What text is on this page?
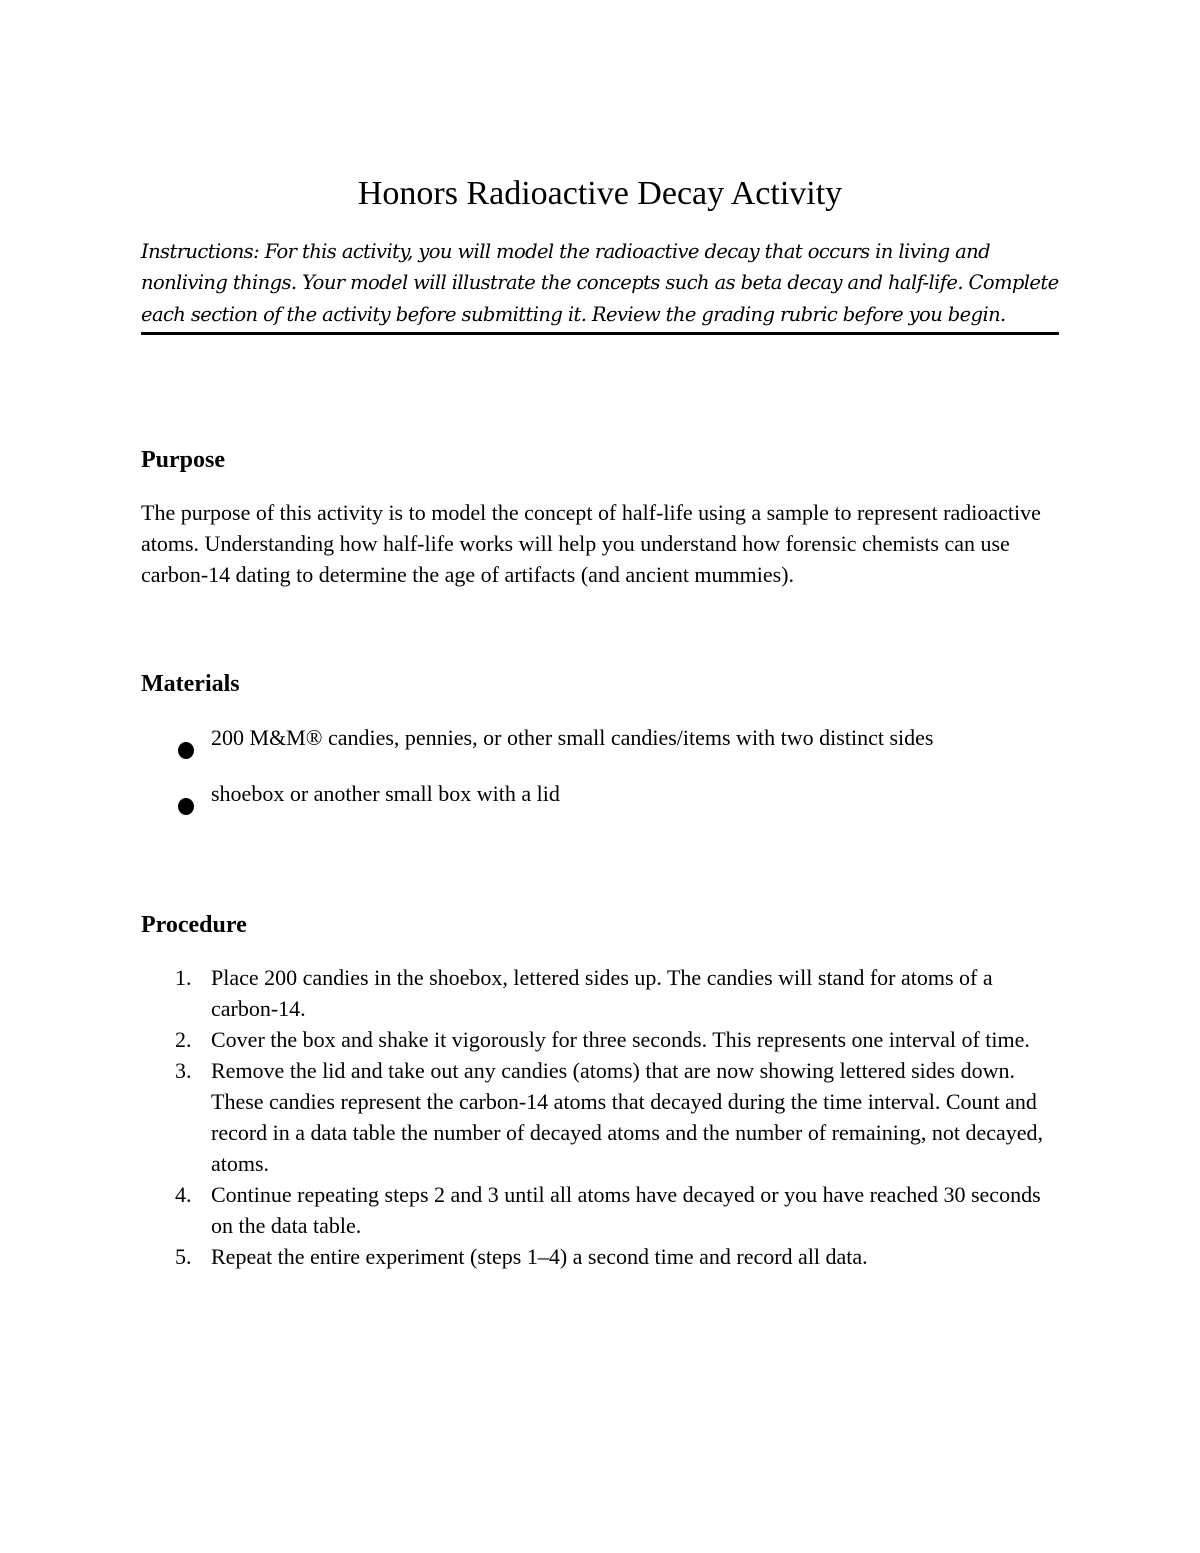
Honors Radioactive Decay Activity

Instructions: For this activity, you will model the radioactive decay that occurs in living and nonliving things. Your model will illustrate the concepts such as beta decay and half-life. Complete each section of the activity before submitting it. Review the grading rubric before you begin.

Purpose

The purpose of this activity is to model the concept of half-life using a sample to represent radioactive atoms. Understanding how half-life works will help you understand how forensic chemists can use carbon-14 dating to determine the age of artifacts (and ancient mummies).

Materials
200 M&M® candies, pennies, or other small candies/items with two distinct sides
shoebox or another small box with a lid
Procedure
1. Place 200 candies in the shoebox, lettered sides up. The candies will stand for atoms of a carbon-14.
2. Cover the box and shake it vigorously for three seconds. This represents one interval of time.
3. Remove the lid and take out any candies (atoms) that are now showing lettered sides down. These candies represent the carbon-14 atoms that decayed during the time interval. Count and record in a data table the number of decayed atoms and the number of remaining, not decayed, atoms.
4. Continue repeating steps 2 and 3 until all atoms have decayed or you have reached 30 seconds on the data table.
5. Repeat the entire experiment (steps 1–4) a second time and record all data.
